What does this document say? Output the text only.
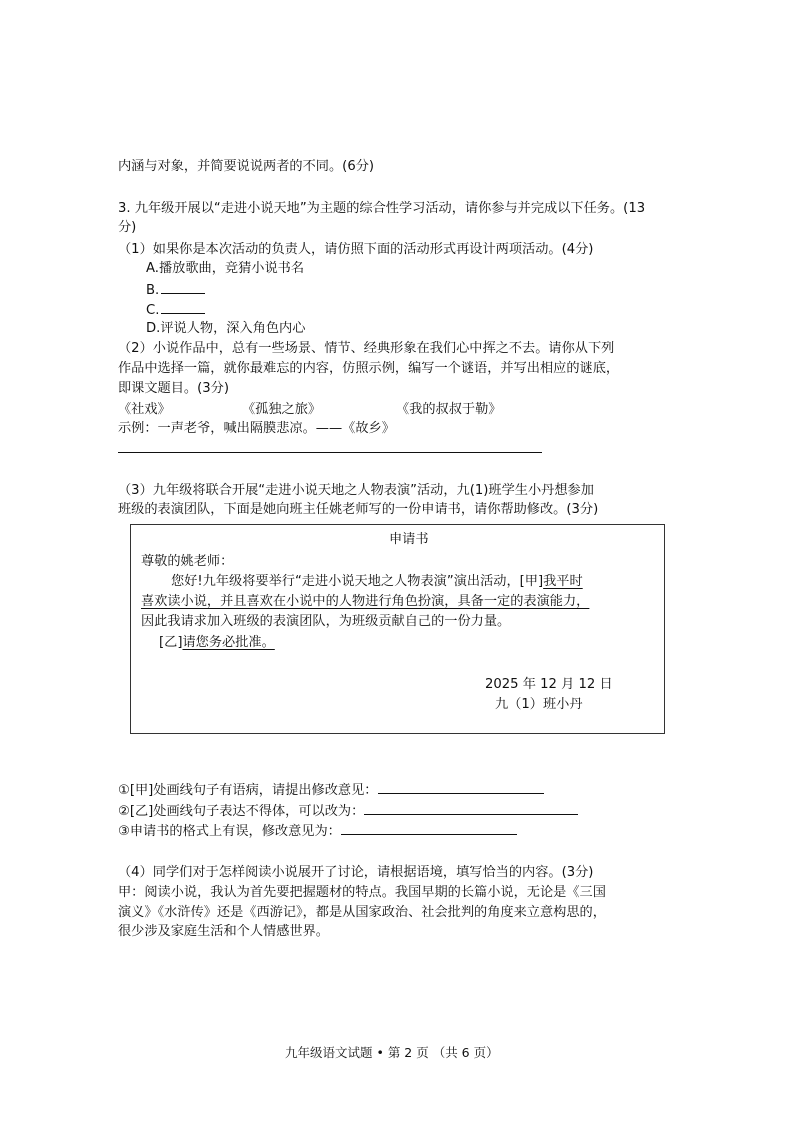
内涵与对象，并简要说说两者的不同。(6分)
3. 九年级开展以“走进小说天地”为主题的综合性学习活动，请你参与并完成以下任务。(13
分)
（1）如果你是本次活动的负责人，请仿照下面的活动形式再设计两项活动。(4分)
A.播放歌曲，竞猜小说书名
B.
C.
D.评说人物，深入角色内心
（2）小说作品中，总有一些场景、情节、经典形象在我们心中挥之不去。请你从下列
作品中选择一篇，就你最难忘的内容，仿照示例，编写一个谜语，并写出相应的谜底，
即课文题目。(3分)
《社戏》	《孤独之旅》	《我的叔叔于勒》
示例：一声老爷，喊出隔膜悲凉。——《故乡》
（3）九年级将联合开展“走进小说天地之人物表演”活动，九(1)班学生小丹想参加
班级的表演团队，下面是她向班主任姚老师写的一份申请书，请你帮助修改。(3分)
申请书
尊敬的姚老师：
您好!九年级将要举行“走进小说天地之人物表演”演出活动，[甲]我平时
喜欢读小说，并且喜欢在小说中的人物进行角色扮演，具备一定的表演能力，
因此我请求加入班级的表演团队，为班级贡献自己的一份力量。
[乙]请您务必批准。
2025 年 12 月 12 日
九（1）班小丹
①[甲]处画线句子有语病，请提出修改意见：
②[乙]处画线句子表达不得体，可以改为：
③申请书的格式上有误，修改意见为：
（4）同学们对于怎样阅读小说展开了讨论，请根据语境，填写恰当的内容。(3分)
甲：阅读小说，我认为首先要把握题材的特点。我国早期的长篇小说，无论是《三国
演义》《水浒传》还是《西游记》，都是从国家政治、社会批判的角度来立意构思的，
很少涉及家庭生活和个人情感世界。
九年级语文试题 • 第 2 页 （共 6 页）
